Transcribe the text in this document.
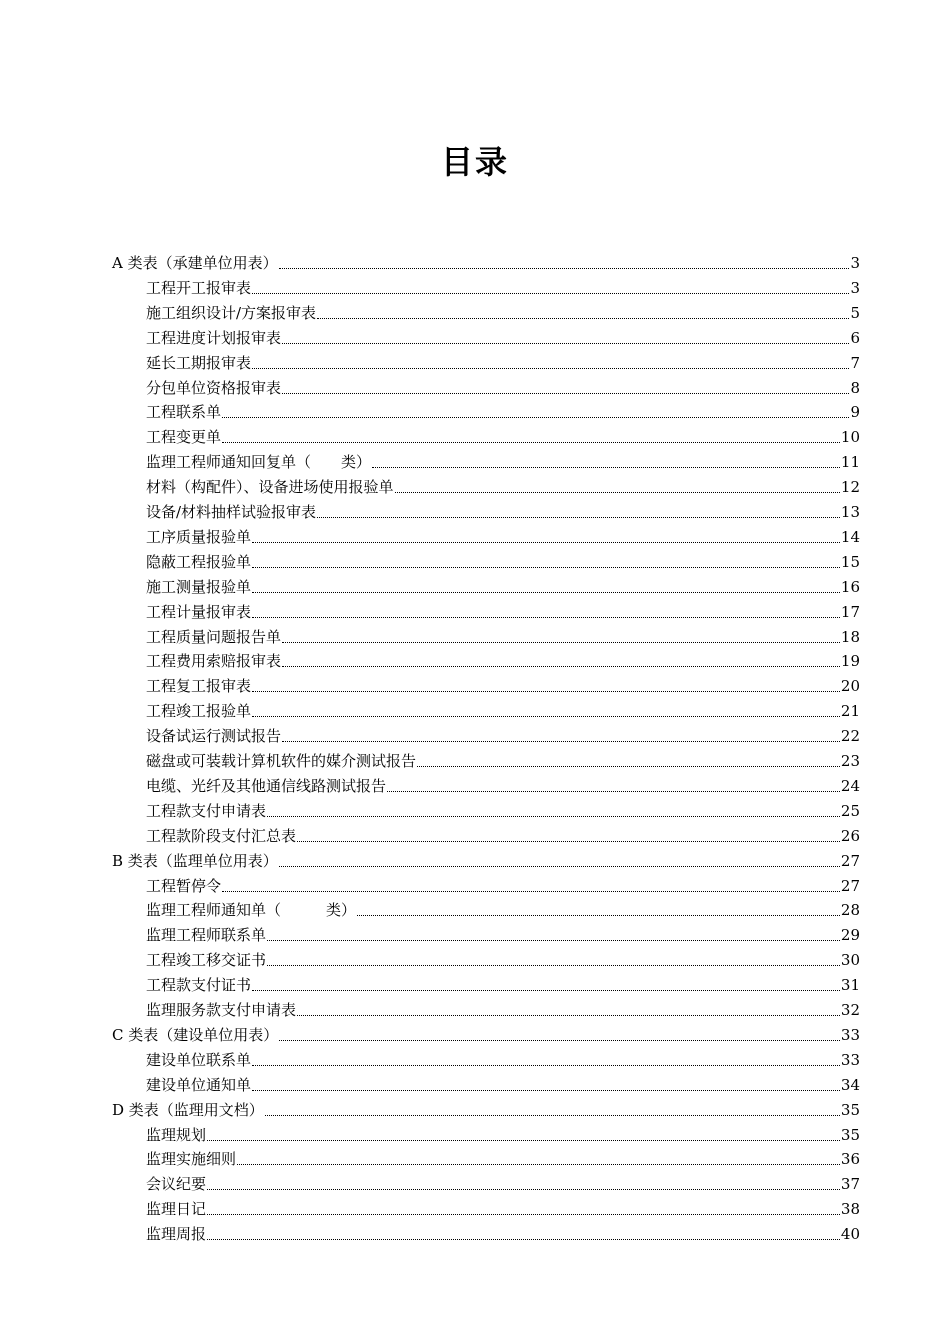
目录
A 类表（承建单位用表）	3
工程开工报审表	3
施工组织设计/方案报审表	5
工程进度计划报审表	6
延长工期报审表	7
分包单位资格报审表	8
工程联系单	9
工程变更单	10
监理工程师通知回复单（　　类）	11
材料（构配件）、设备进场使用报验单	12
设备/材料抽样试验报审表	13
工序质量报验单	14
隐蔽工程报验单	15
施工测量报验单	16
工程计量报审表	17
工程质量问题报告单	18
工程费用索赔报审表	19
工程复工报审表	20
工程竣工报验单	21
设备试运行测试报告	22
磁盘或可装载计算机软件的媒介测试报告	23
电缆、光纤及其他通信线路测试报告	24
工程款支付申请表	25
工程款阶段支付汇总表	26
B 类表（监理单位用表）	27
工程暂停令	27
监理工程师通知单（　　　类）	28
监理工程师联系单	29
工程竣工移交证书	30
工程款支付证书	31
监理服务款支付申请表	32
C 类表（建设单位用表）	33
建设单位联系单	33
建设单位通知单	34
D 类表（监理用文档）	35
监理规划	35
监理实施细则	36
会议纪要	37
监理日记	38
监理周报	40
